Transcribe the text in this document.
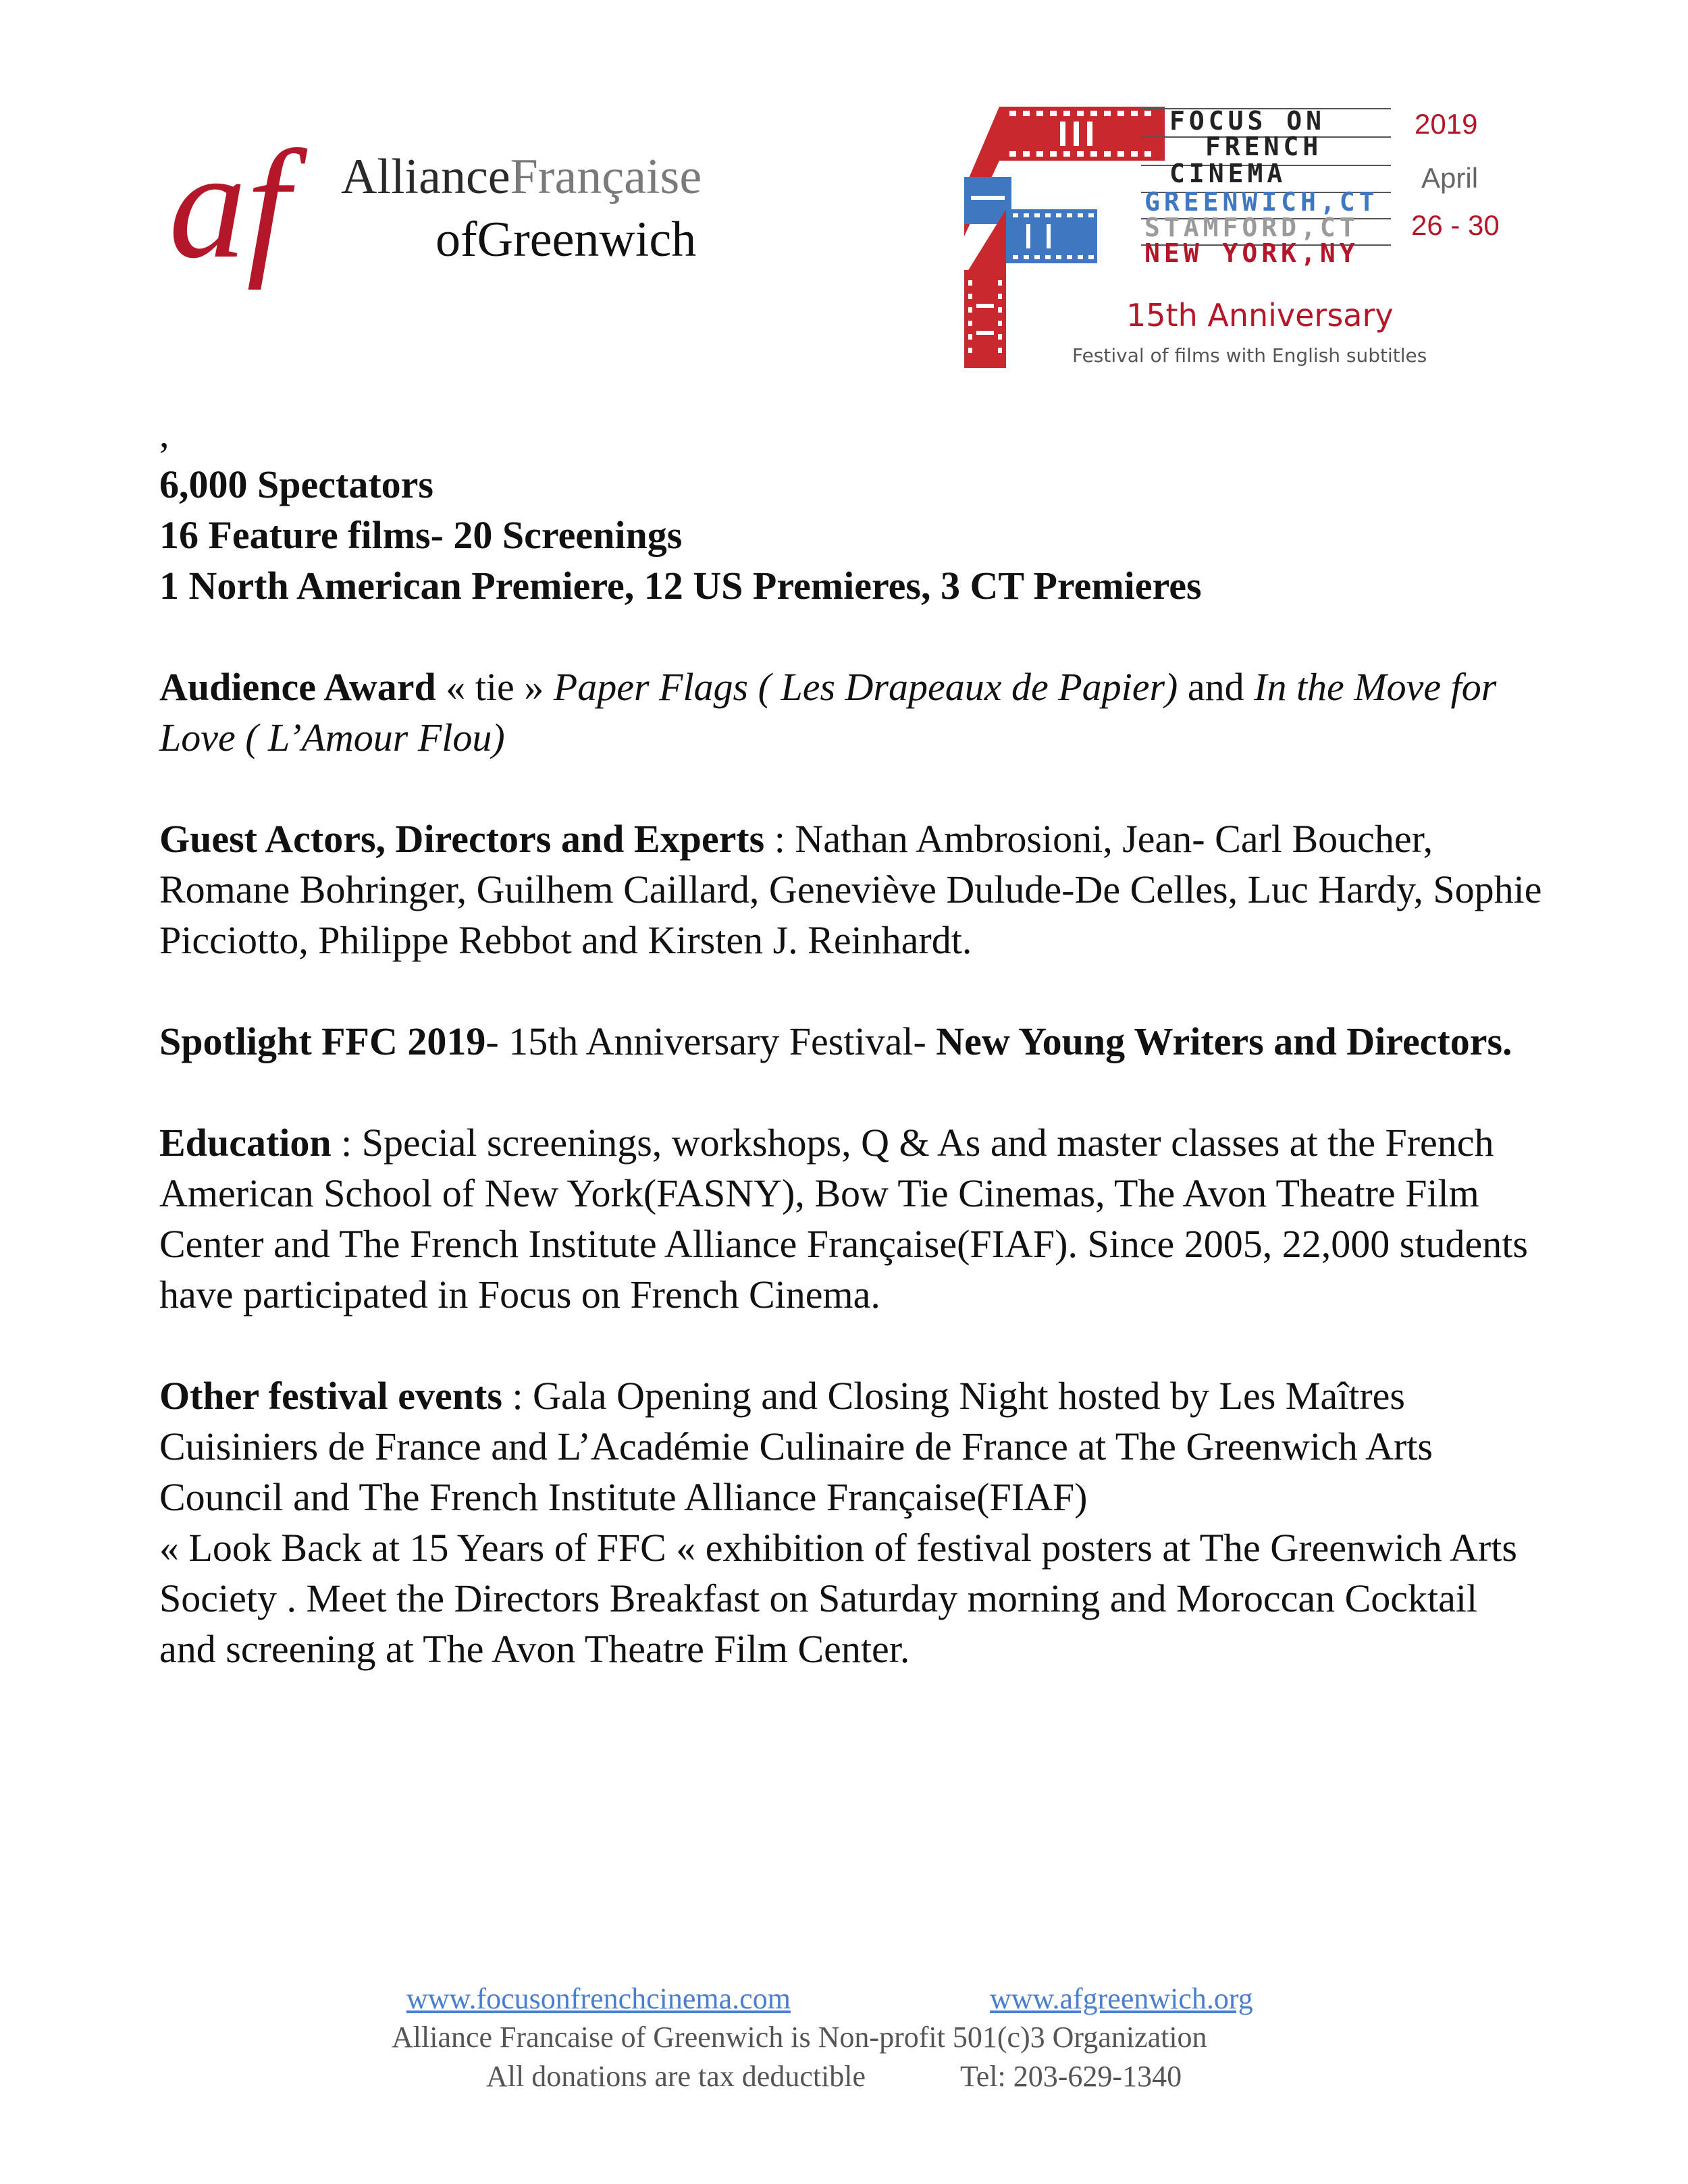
af	AllianceFrançaise
ofGreenwich
FOCUS ON
FRENCH
CINEMA
GREENWICH,CT
STAMFORD,CT
NEW YORK,NY
2019
April
26 - 30
15th Anniversary
Festival of films with English subtitles

,

6,000 Spectators

16 Feature films- 20 Screenings

1 North American Premiere, 12 US Premieres, 3 CT Premieres

Audience Award « tie » Paper Flags ( Les Drapeaux de Papier) and In the Move for Love ( L’Amour Flou)

Guest Actors, Directors and Experts : Nathan Ambrosioni, Jean- Carl Boucher, Romane Bohringer, Guilhem Caillard, Geneviève Dulude-De Celles, Luc Hardy, Sophie Picciotto, Philippe Rebbot and Kirsten J. Reinhardt.

Spotlight FFC 2019- 15th Anniversary Festival- New Young Writers and Directors.

Education : Special screenings, workshops, Q & As and master classes at the French American School of New York(FASNY), Bow Tie Cinemas, The Avon Theatre Film Center and The French Institute Alliance Française(FIAF). Since 2005, 22,000 students have participated in Focus on French Cinema.

Other festival events : Gala Opening and Closing Night hosted by Les Maîtres Cuisiniers de France and L’Académie Culinaire de France at The Greenwich Arts Council and The French Institute Alliance Française(FIAF)

« Look Back at 15 Years of FFC « exhibition of festival posters at The Greenwich Arts Society . Meet the Directors Breakfast on Saturday morning and Moroccan Cocktail and screening at The Avon Theatre Film Center.

www.focusonfrenchcinema.com	www.afgreenwich.org
Alliance Francaise of Greenwich is Non-profit 501(c)3 Organization
All donations are tax deductible	Tel: 203-629-1340
